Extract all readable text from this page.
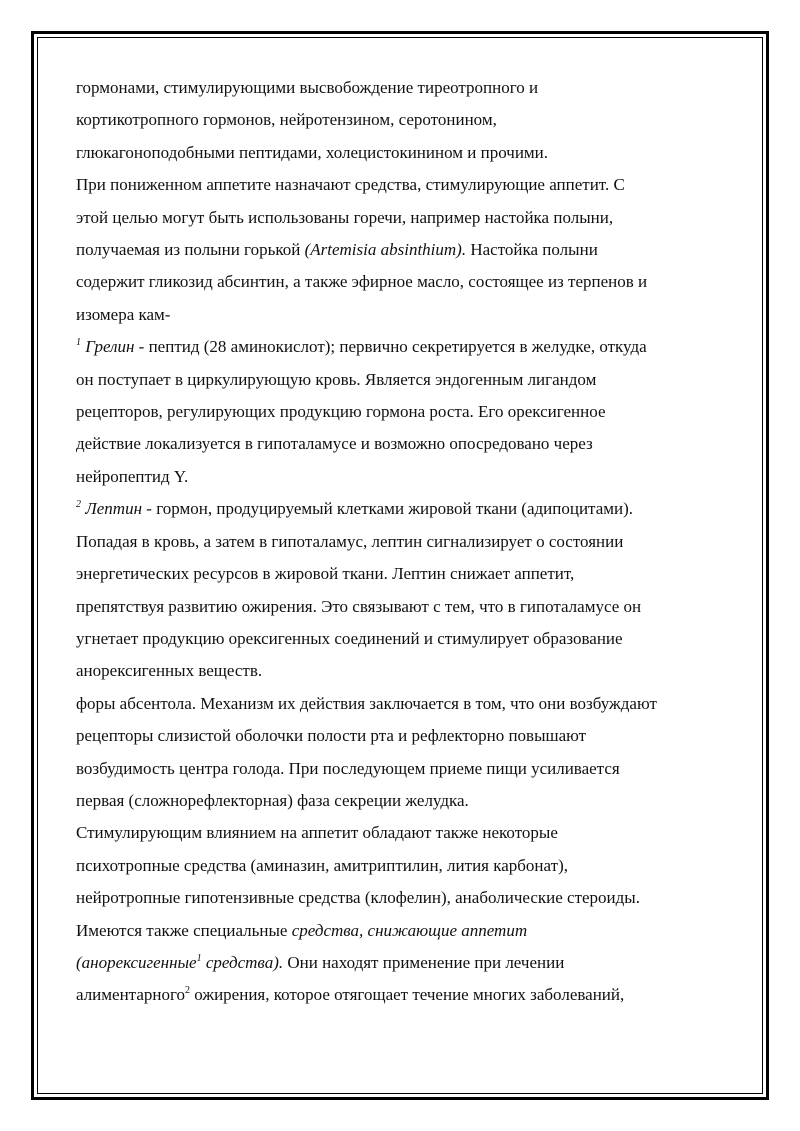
гормонами, стимулирующими высвобождение тиреотропного и
кортикотропного гормонов, нейротензином, серотонином,
глюкагоноподобными пептидами, холецистокинином и прочими.
При пониженном аппетите назначают средства, стимулирующие аппетит. С
этой целью могут быть использованы горечи, например настойка полыни,
получаемая из полыни горькой (Artemisia absinthium). Настойка полыни
содержит гликозид абсинтин, а также эфирное масло, состоящее из терпенов и
изомера кам-
$^1$ Грелин - пептид (28 аминокислот); первично секретируется в желудке, откуда
он поступает в циркулирующую кровь. Является эндогенным лигандом
рецепторов, регулирующих продукцию гормона роста. Его орексигенное
действие локализуется в гипоталамусе и возможно опосредовано через
нейропептид Y.
$^2$ Лептин - гормон, продуцируемый клетками жировой ткани (адипоцитами).
Попадая в кровь, а затем в гипоталамус, лептин сигнализирует о состоянии
энергетических ресурсов в жировой ткани. Лептин снижает аппетит,
препятствуя развитию ожирения. Это связывают с тем, что в гипоталамусе он
угнетает продукцию орексигенных соединений и стимулирует образование
анорексигенных веществ.
форы абсентола. Механизм их действия заключается в том, что они возбуждают
рецепторы слизистой оболочки полости рта и рефлекторно повышают
возбудимость центра голода. При последующем приеме пищи усиливается
первая (сложнорефлекторная) фаза секреции желудка.
Стимулирующим влиянием на аппетит обладают также некоторые
психотропные средства (аминазин, амитриптилин, лития карбонат),
нейротропные гипотензивные средства (клофелин), анаболические стероиды.
Имеются также специальные средства, снижающие аппетит
(анорексигенные$^1$ средства). Они находят применение при лечении
алиментарного$^2$ ожирения, которое отягощает течение многих заболеваний,
